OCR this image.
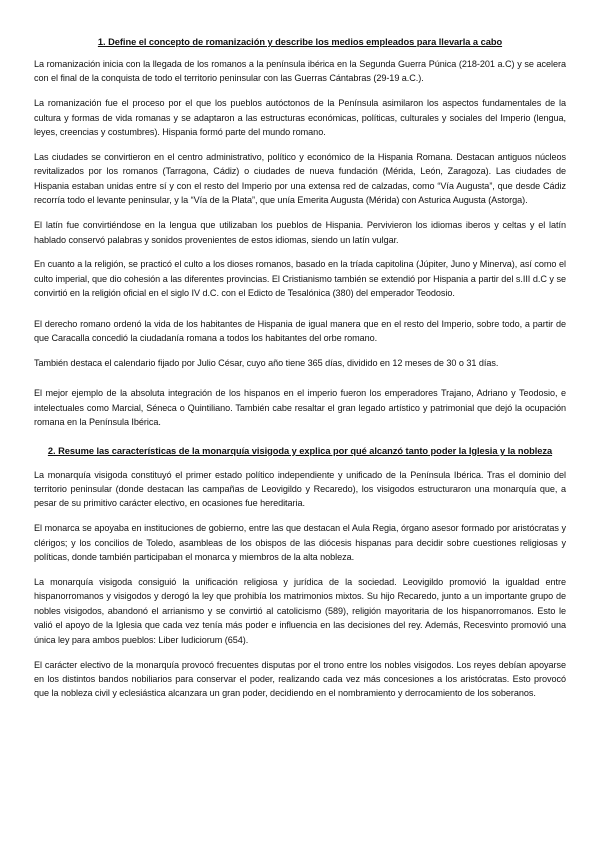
1. Define el concepto de romanización y describe los medios empleados para llevarla a cabo

La romanización inicia con la llegada de los romanos a la península ibérica en la Segunda Guerra Púnica (218-201 a.C) y se acelera con el final de la conquista de todo el territorio peninsular con las Guerras Cántabras (29-19 a.C.).

La romanización fue el proceso por el que los pueblos autóctonos de la Península asimilaron los aspectos fundamentales de la cultura y formas de vida romanas y se adaptaron a las estructuras económicas, políticas, culturales y sociales del Imperio (lengua, leyes, creencias y costumbres). Hispania formó parte del mundo romano.

Las ciudades se convirtieron en el centro administrativo, político y económico de la Hispania Romana. Destacan antiguos núcleos revitalizados por los romanos (Tarragona, Cádiz) o ciudades de nueva fundación (Mérida, León, Zaragoza). Las ciudades de Hispania estaban unidas entre sí y con el resto del Imperio por una extensa red de calzadas, como “Vía Augusta”, que desde Cádiz recorría todo el levante peninsular, y la “Vía de la Plata”, que unía Emerita Augusta (Mérida) con Asturica Augusta (Astorga).

El latín fue convirtiéndose en la lengua que utilizaban los pueblos de Hispania. Pervivieron los idiomas iberos y celtas y el latín hablado conservó palabras y sonidos provenientes de estos idiomas, siendo un latín vulgar.

En cuanto a la religión, se practicó el culto a los dioses romanos, basado en la tríada capitolina (Júpiter, Juno y Minerva), así como el culto imperial, que dio cohesión a las diferentes provincias. El Cristianismo también se extendió por Hispania a partir del s.III d.C y se convirtió en la religión oficial en el siglo IV d.C. con el Edicto de Tesalónica (380) del emperador Teodosio.

El derecho romano ordenó la vida de los habitantes de Hispania de igual manera que en el resto del Imperio, sobre todo, a partir de que Caracalla concedió la ciudadanía romana a todos los habitantes del orbe romano.

También destaca el calendario fijado por Julio César, cuyo año tiene 365 días, dividido en 12 meses de 30 o 31 días.

El mejor ejemplo de la absoluta integración de los hispanos en el imperio fueron los emperadores Trajano, Adriano y Teodosio, e intelectuales como Marcial, Séneca o Quintiliano. También cabe resaltar el gran legado artístico y patrimonial que dejó la ocupación romana en la Península Ibérica.

2. Resume las características de la monarquía visigoda y explica por qué alcanzó tanto poder la Iglesia y la nobleza

La monarquía visigoda constituyó el primer estado político independiente y unificado de la Península Ibérica. Tras el dominio del territorio peninsular (donde destacan las campañas de Leovigildo y Recaredo), los visigodos estructuraron una monarquía que, a pesar de su primitivo carácter electivo, en ocasiones fue hereditaria.

El monarca se apoyaba en instituciones de gobierno, entre las que destacan el Aula Regia, órgano asesor formado por aristócratas y clérigos; y los concilios de Toledo, asambleas de los obispos de las diócesis hispanas para decidir sobre cuestiones religiosas y políticas, donde también participaban el monarca y miembros de la alta nobleza.

La monarquía visigoda consiguió la unificación religiosa y jurídica de la sociedad. Leovigildo promovió la igualdad entre hispanorromanos y visigodos y derogó la ley que prohibía los matrimonios mixtos. Su hijo Recaredo, junto a un importante grupo de nobles visigodos, abandonó el arrianismo y se convirtió al catolicismo (589), religión mayoritaria de los hispanorromanos. Esto le valió el apoyo de la Iglesia que cada vez tenía más poder e influencia en las decisiones del rey. Además, Recesvinto promovió una única ley para ambos pueblos: Liber Iudiciorum (654).

El carácter electivo de la monarquía provocó frecuentes disputas por el trono entre los nobles visigodos. Los reyes debían apoyarse en los distintos bandos nobiliarios para conservar el poder, realizando cada vez más concesiones a los aristócratas. Esto provocó que la nobleza civil y eclesiástica alcanzara un gran poder, decidiendo en el nombramiento y derrocamiento de los soberanos.
